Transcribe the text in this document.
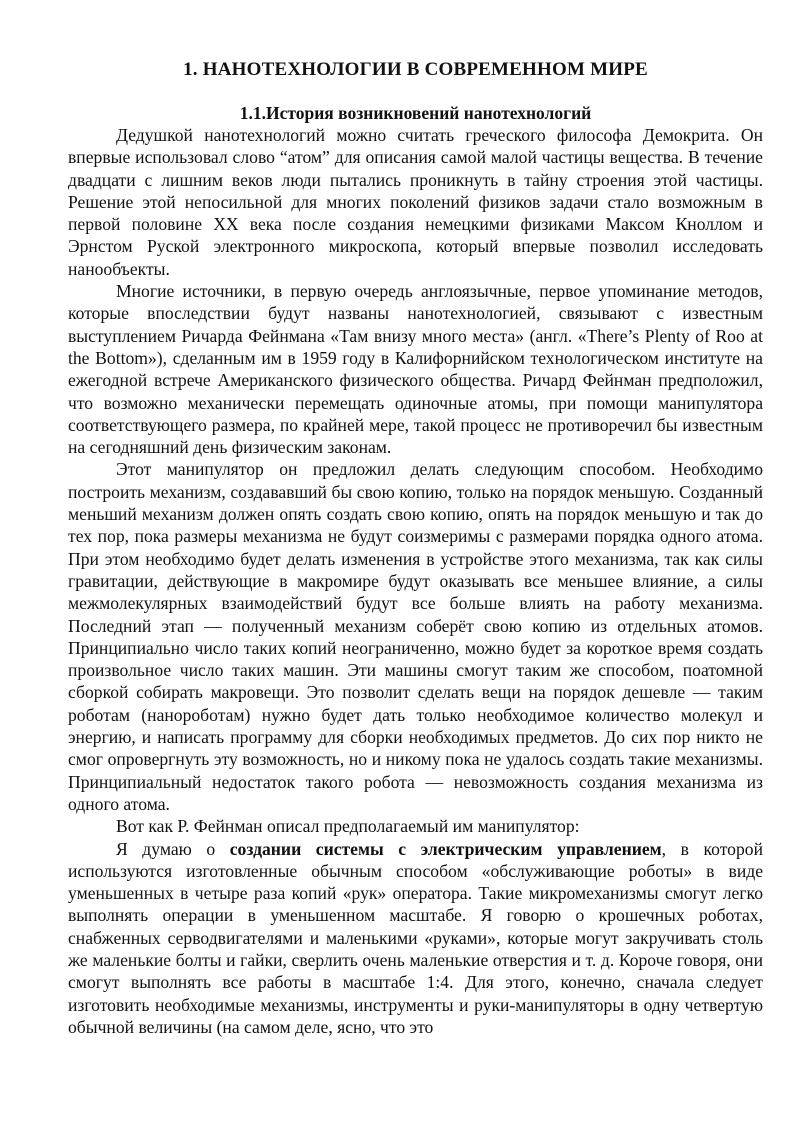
1. НАНОТЕХНОЛОГИИ В СОВРЕМЕННОМ МИРЕ
1.1.История возникновений нанотехнологий

Дедушкой нанотехнологий можно считать греческого философа Демокрита. Он впервые использовал слово “атом” для описания самой малой частицы вещества. В течение двадцати с лишним веков люди пытались проникнуть в тайну строения этой частицы. Решение этой непосильной для многих поколений физиков задачи стало возможным в первой половине XX века после создания немецкими физиками Максом Кноллом и Эрнстом Руской электронного микроскопа, который впервые позволил исследовать нанообъекты.

Многие источники, в первую очередь англоязычные, первое упоминание методов, которые впоследствии будут названы нанотехнологией, связывают с известным выступлением Ричарда Фейнмана «Там внизу много места» (англ. «There’s Plenty of Roo at the Bottom»), сделанным им в 1959 году в Калифорнийском технологическом институте на ежегодной встрече Американского физического общества. Ричард Фейнман предположил, что возможно механически перемещать одиночные атомы, при помощи манипулятора соответствующего размера, по крайней мере, такой процесс не противоречил бы известным на сегодняшний день физическим законам.

Этот манипулятор он предложил делать следующим способом. Необходимо построить механизм, создававший бы свою копию, только на порядок меньшую. Созданный меньший механизм должен опять создать свою копию, опять на порядок меньшую и так до тех пор, пока размеры механизма не будут соизмеримы с размерами порядка одного атома. При этом необходимо будет делать изменения в устройстве этого механизма, так как силы гравитации, действующие в макромире будут оказывать все меньшее влияние, а силы межмолекулярных взаимодействий будут все больше влиять на работу механизма. Последний этап — полученный механизм соберёт свою копию из отдельных атомов. Принципиально число таких копий неограниченно, можно будет за короткое время создать произвольное число таких машин. Эти машины смогут таким же способом, поатомной сборкой собирать макровещи. Это позволит сделать вещи на порядок дешевле — таким роботам (нанороботам) нужно будет дать только необходимое количество молекул и энергию, и написать программу для сборки необходимых предметов. До сих пор никто не смог опровергнуть эту возможность, но и никому пока не удалось создать такие механизмы. Принципиальный недостаток такого робота — невозможность создания механизма из одного атома.

Вот как Р. Фейнман описал предполагаемый им манипулятор:

Я думаю о создании системы с электрическим управлением, в которой используются изготовленные обычным способом «обслуживающие роботы» в виде уменьшенных в четыре раза копий «рук» оператора. Такие микромеханизмы смогут легко выполнять операции в уменьшенном масштабе. Я говорю о крошечных роботах, снабженных серводвигателями и маленькими «руками», которые могут закручивать столь же маленькие болты и гайки, сверлить очень маленькие отверстия и т. д. Короче говоря, они смогут выполнять все работы в масштабе 1:4. Для этого, конечно, сначала следует изготовить необходимые механизмы, инструменты и руки-манипуляторы в одну четвертую обычной величины (на самом деле, ясно, что это
